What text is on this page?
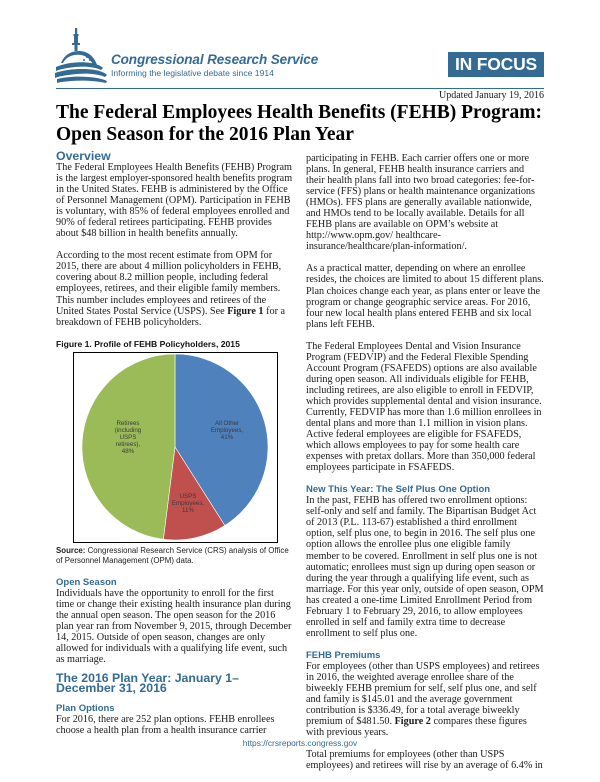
Congressional Research Service
Informing the legislative debate since 1914	IN FOCUS
Updated January 19, 2016
The Federal Employees Health Benefits (FEHB) Program:
Open Season for the 2016 Plan Year
Overview

The Federal Employees Health Benefits (FEHB) Program is the largest employer-sponsored health benefits program in the United States. FEHB is administered by the Office of Personnel Management (OPM). Participation in FEHB is voluntary, with 85% of federal employees enrolled and 90% of federal retirees participating. FEHB provides about $48 billion in health benefits annually.

According to the most recent estimate from OPM for 2015, there are about 4 million policyholders in FEHB, covering about 8.2 million people, including federal employees, retirees, and their eligible family members. This number includes employees and retirees of the United States Postal Service (USPS). See Figure 1 for a breakdown of FEHB policyholders.

Figure 1. Profile of FEHB Policyholders, 2015
All Other
Employees,
41%
USPS
Employees,
11%
Retirees
(including
USPS
retirees),
48%
Source: Congressional Research Service (CRS) analysis of Office of Personnel Management (OPM) data.
Open Season

Individuals have the opportunity to enroll for the first time or change their existing health insurance plan during the annual open season. The open season for the 2016 plan year ran from November 9, 2015, through December 14, 2015. Outside of open season, changes are only allowed for individuals with a qualifying life event, such as marriage.

The 2016 Plan Year: January 1–
December 31, 2016
Plan Options

For 2016, there are 252 plan options. FEHB enrollees choose a health plan from a health insurance carrier

participating in FEHB. Each carrier offers one or more plans. In general, FEHB health insurance carriers and their health plans fall into two broad categories: fee-for-service (FFS) plans or health maintenance organizations (HMOs). FFS plans are generally available nationwide, and HMOs tend to be locally available. Details for all FEHB plans are available on OPM’s website at http://www.opm.gov/ healthcare-insurance/healthcare/plan-information/.

As a practical matter, depending on where an enrollee resides, the choices are limited to about 15 different plans. Plan choices change each year, as plans enter or leave the program or change geographic service areas. For 2016, four new local health plans entered FEHB and six local plans left FEHB.

The Federal Employees Dental and Vision Insurance Program (FEDVIP) and the Federal Flexible Spending Account Program (FSAFEDS) options are also available during open season. All individuals eligible for FEHB, including retirees, are also eligible to enroll in FEDVIP, which provides supplemental dental and vision insurance. Currently, FEDVIP has more than 1.6 million enrollees in dental plans and more than 1.1 million in vision plans. Active federal employees are eligible for FSAFEDS, which allows employees to pay for some health care expenses with pretax dollars. More than 350,000 federal employees participate in FSAFEDS.

New This Year: The Self Plus One Option

In the past, FEHB has offered two enrollment options: self-only and self and family. The Bipartisan Budget Act of 2013 (P.L. 113-67) established a third enrollment option, self plus one, to begin in 2016. The self plus one option allows the enrollee plus one eligible family member to be covered. Enrollment in self plus one is not automatic; enrollees must sign up during open season or during the year through a qualifying life event, such as marriage. For this year only, outside of open season, OPM has created a one-time Limited Enrollment Period from February 1 to February 29, 2016, to allow employees enrolled in self and family extra time to decrease enrollment to self plus one.

FEHB Premiums

For employees (other than USPS employees) and retirees in 2016, the weighted average enrollee share of the biweekly FEHB premium for self, self plus one, and self and family is $145.01 and the average government contribution is $336.49, for a total average biweekly premium of $481.50. Figure 2 compares these figures with previous years.

Total premiums for employees (other than USPS employees) and retirees will rise by an average of 6.4% in

https://crsreports.congress.gov
